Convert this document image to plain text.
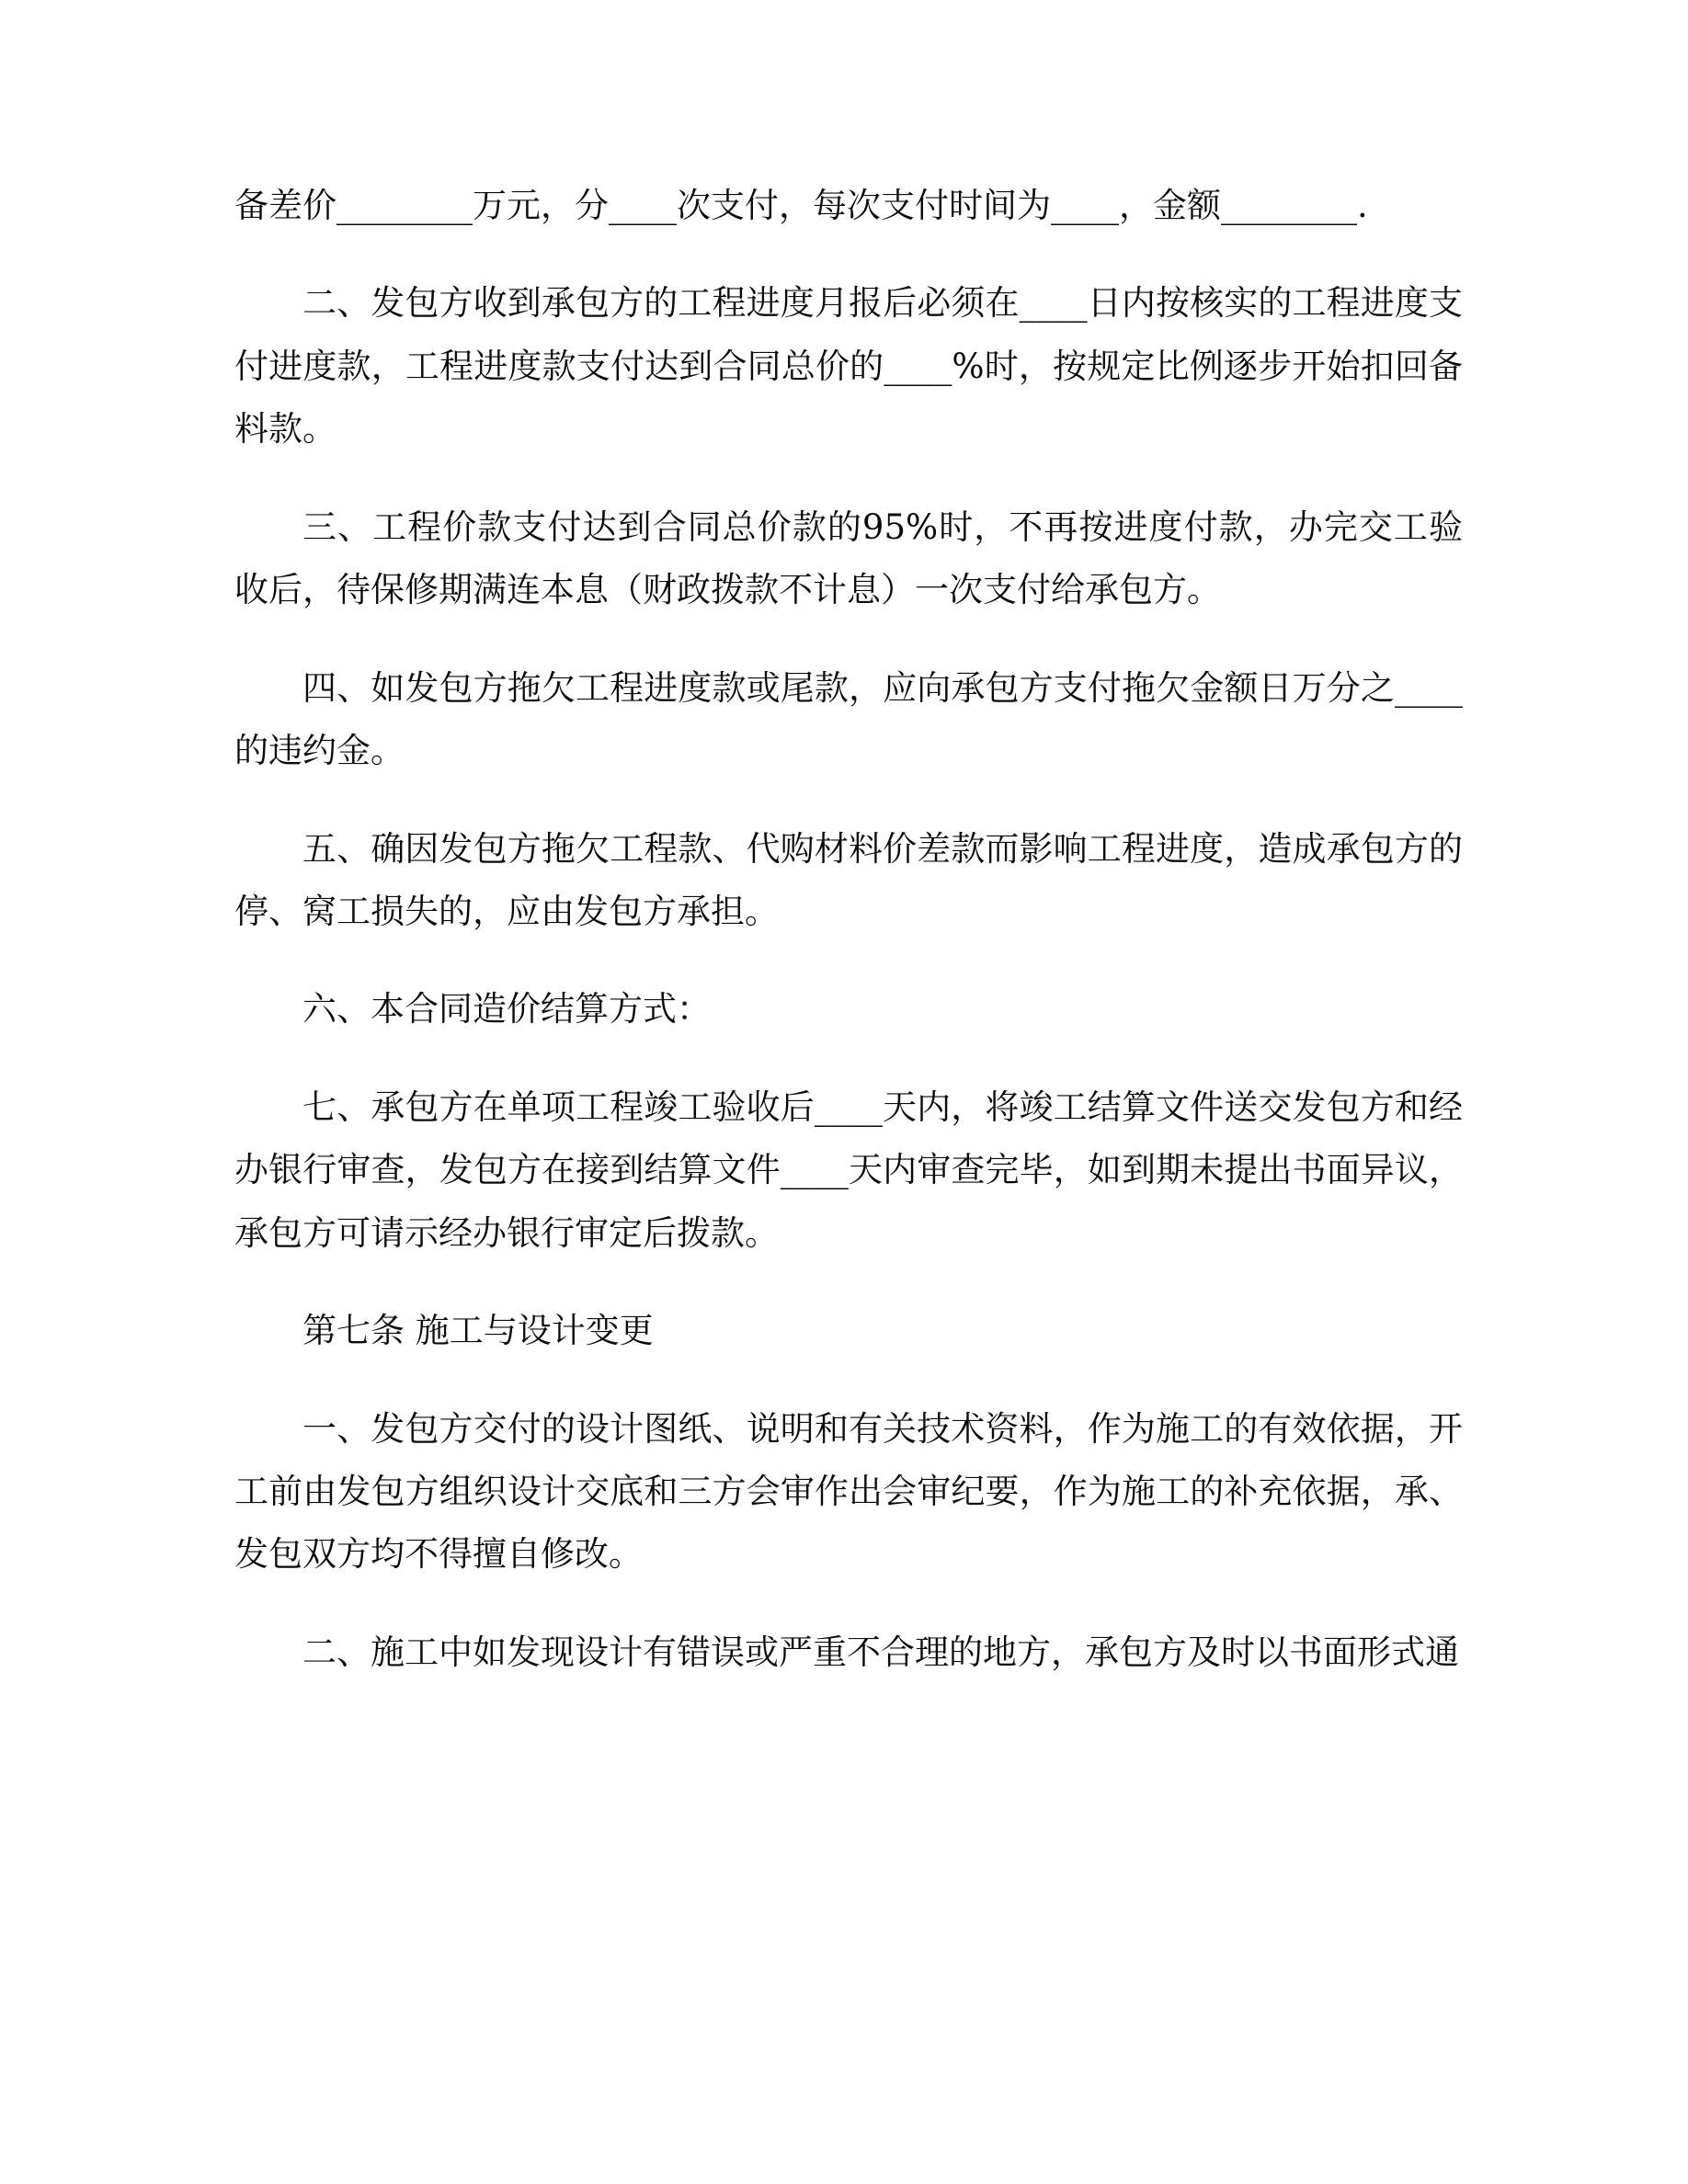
备差价________万元，分____次支付，每次支付时间为____，金额________.

二、发包方收到承包方的工程进度月报后必须在____日内按核实的工程进度支付进度款，工程进度款支付达到合同总价的____%时，按规定比例逐步开始扣回备料款。

三、工程价款支付达到合同总价款的95%时，不再按进度付款，办完交工验收后，待保修期满连本息（财政拨款不计息）一次支付给承包方。

四、如发包方拖欠工程进度款或尾款，应向承包方支付拖欠金额日万分之____的违约金。

五、确因发包方拖欠工程款、代购材料价差款而影响工程进度，造成承包方的停、窝工损失的，应由发包方承担。

六、本合同造价结算方式：

七、承包方在单项工程竣工验收后____天内，将竣工结算文件送交发包方和经办银行审查，发包方在接到结算文件____天内审查完毕，如到期未提出书面异议，承包方可请示经办银行审定后拨款。

第七条 施工与设计变更

一、发包方交付的设计图纸、说明和有关技术资料，作为施工的有效依据，开工前由发包方组织设计交底和三方会审作出会审纪要，作为施工的补充依据，承、发包双方均不得擅自修改。

二、施工中如发现设计有错误或严重不合理的地方，承包方及时以书面形式通
